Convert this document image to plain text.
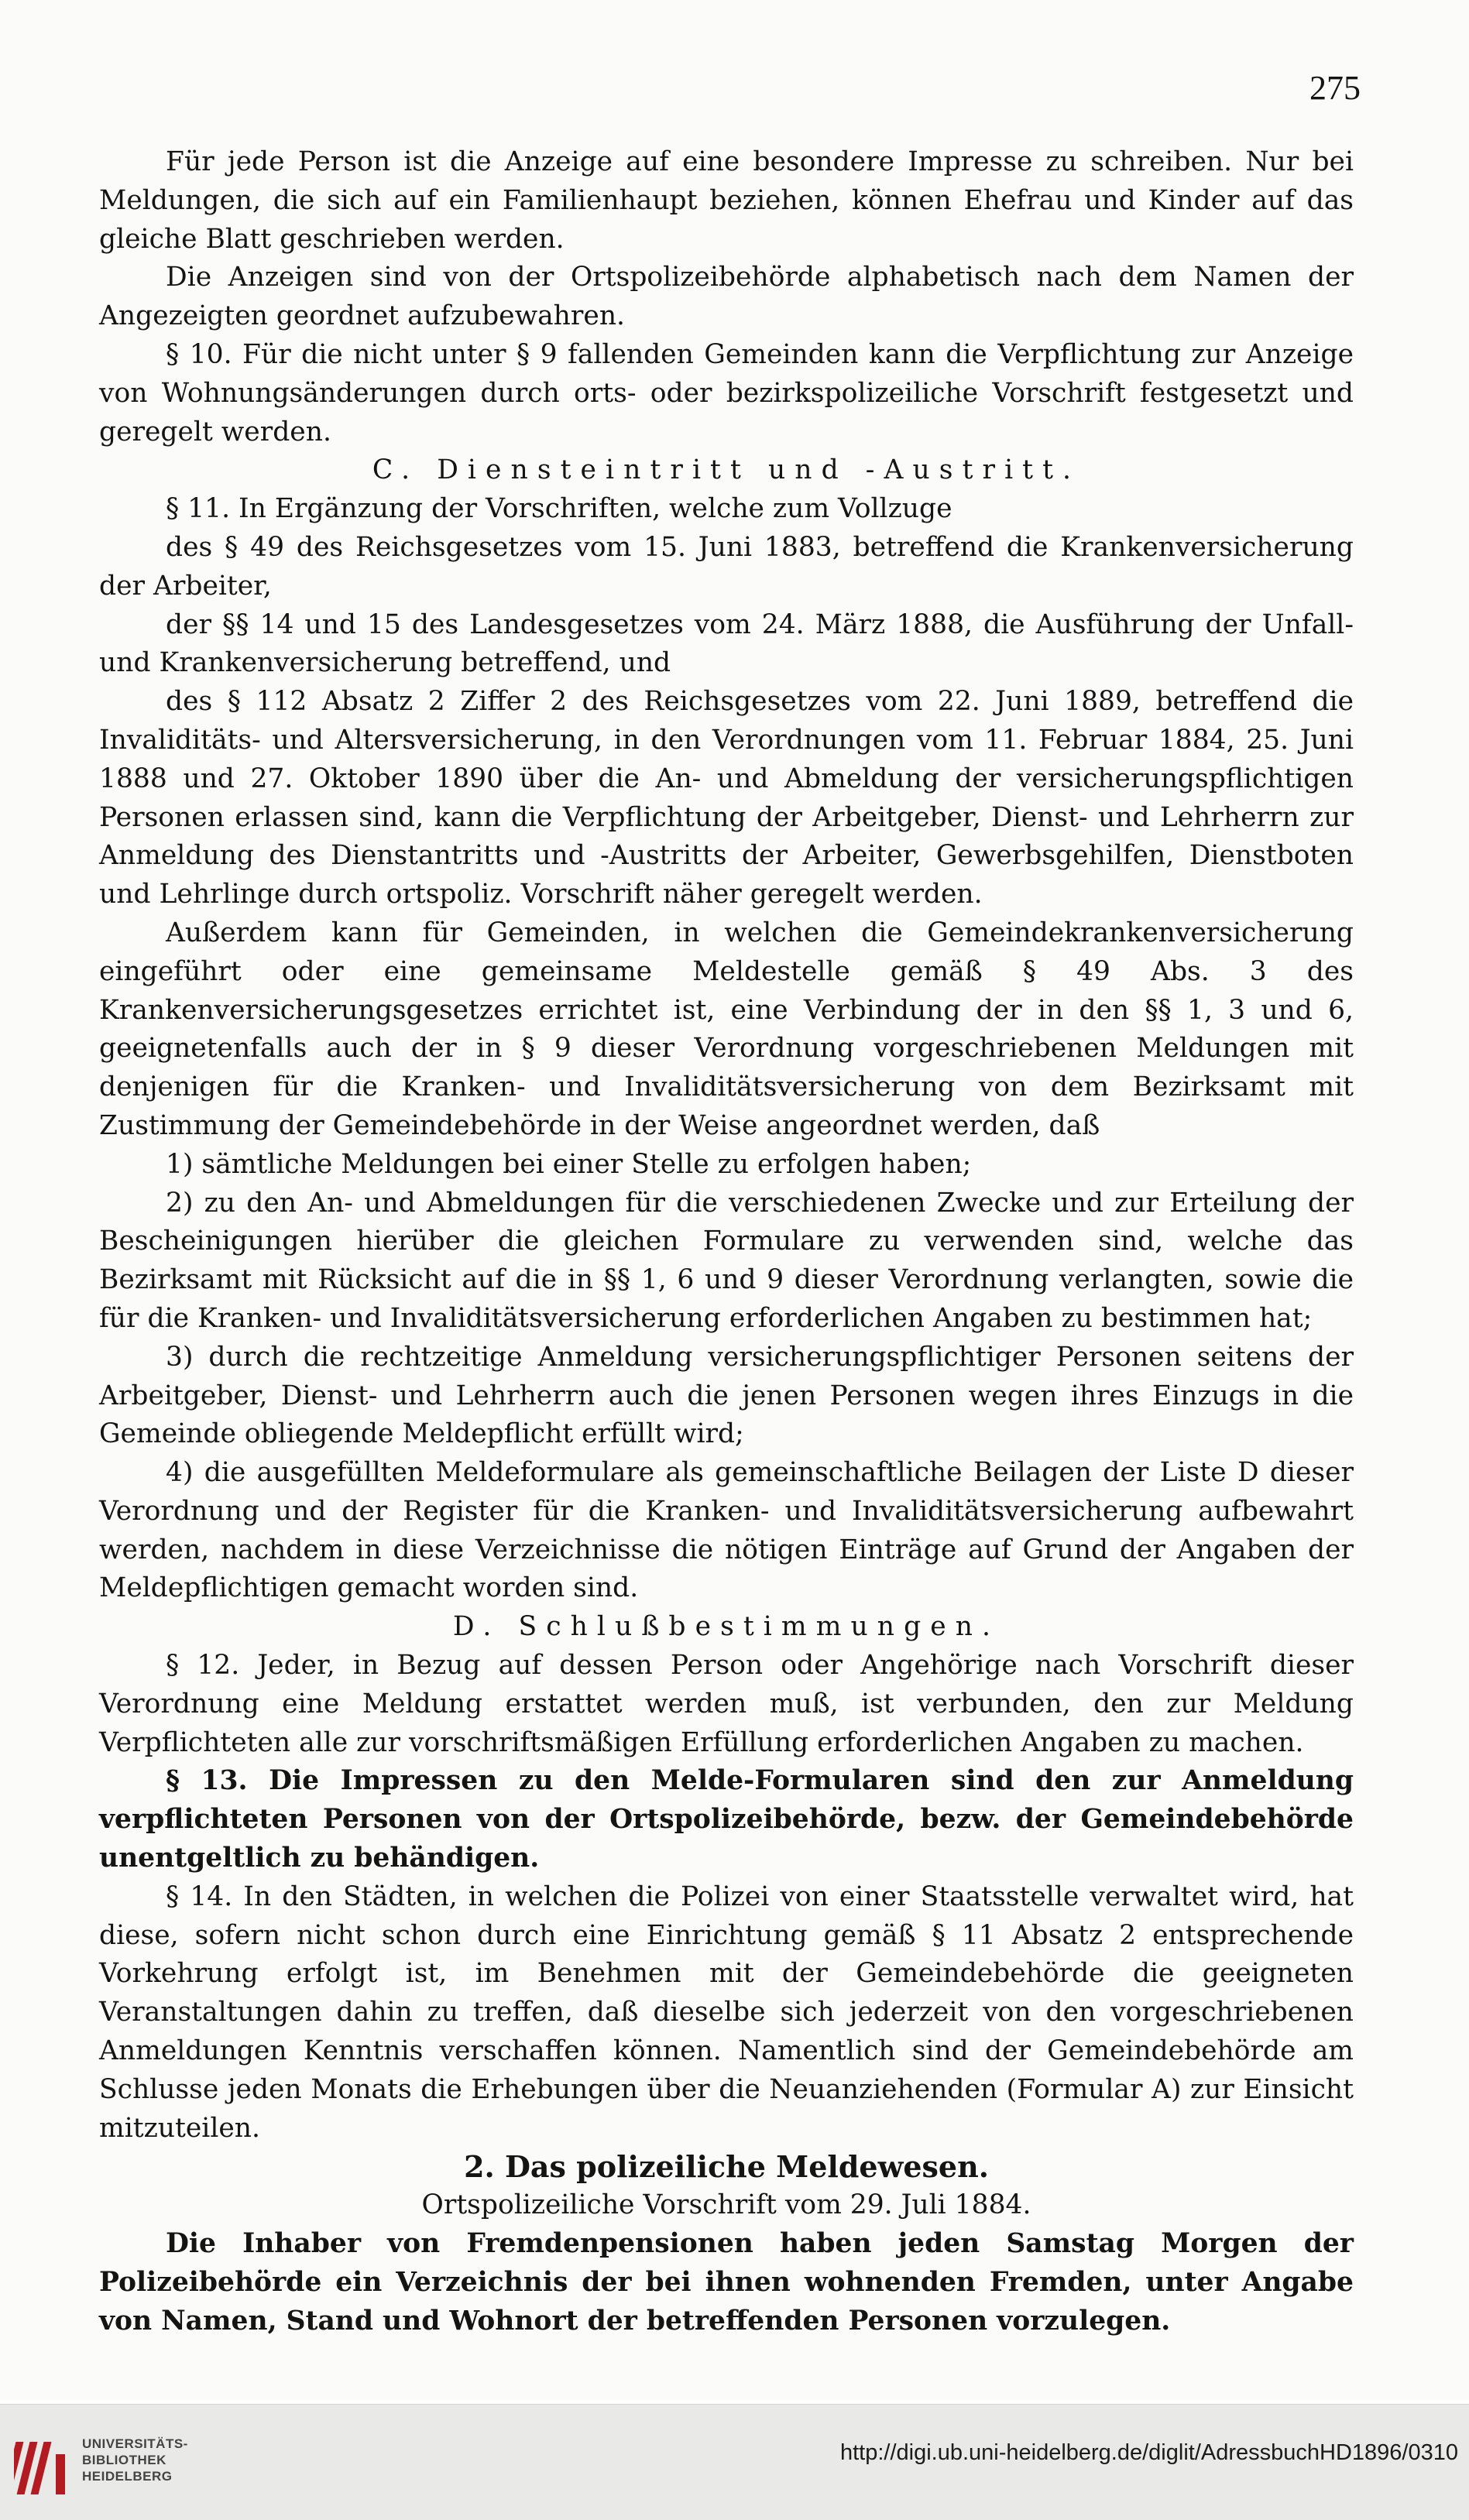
275

Für jede Person ist die Anzeige auf eine besondere Impresse zu schreiben. Nur bei Meldungen, die sich auf ein Familienhaupt beziehen, können Ehefrau und Kinder auf das gleiche Blatt geschrieben werden.

Die Anzeigen sind von der Ortspolizeibehörde alphabetisch nach dem Namen der Angezeigten geordnet aufzubewahren.

§ 10. Für die nicht unter § 9 fallenden Gemeinden kann die Verpflichtung zur Anzeige von Wohnungsänderungen durch orts- oder bezirkspolizeiliche Vorschrift festgesetzt und geregelt werden.

C. Diensteintritt und -Austritt.

§ 11. In Ergänzung der Vorschriften, welche zum Vollzuge

des § 49 des Reichsgesetzes vom 15. Juni 1883, betreffend die Krankenversicherung der Arbeiter,

der §§ 14 und 15 des Landesgesetzes vom 24. März 1888, die Ausführung der Unfall- und Krankenversicherung betreffend, und

des § 112 Absatz 2 Ziffer 2 des Reichsgesetzes vom 22. Juni 1889, betreffend die Invaliditäts- und Altersversicherung, in den Verordnungen vom 11. Februar 1884, 25. Juni 1888 und 27. Oktober 1890 über die An- und Abmeldung der versicherungspflichtigen Personen erlassen sind, kann die Verpflichtung der Arbeitgeber, Dienst- und Lehrherrn zur Anmeldung des Dienstantritts und -Austritts der Arbeiter, Gewerbsgehilfen, Dienstboten und Lehrlinge durch ortspoliz. Vorschrift näher geregelt werden.

Außerdem kann für Gemeinden, in welchen die Gemeindekrankenversicherung eingeführt oder eine gemeinsame Meldestelle gemäß § 49 Abs. 3 des Krankenversicherungsgesetzes errichtet ist, eine Verbindung der in den §§ 1, 3 und 6, geeignetenfalls auch der in § 9 dieser Verordnung vorgeschriebenen Meldungen mit denjenigen für die Kranken- und Invaliditätsversicherung von dem Bezirksamt mit Zustimmung der Gemeindebehörde in der Weise angeordnet werden, daß

1) sämtliche Meldungen bei einer Stelle zu erfolgen haben;

2) zu den An- und Abmeldungen für die verschiedenen Zwecke und zur Erteilung der Bescheinigungen hierüber die gleichen Formulare zu verwenden sind, welche das Bezirksamt mit Rücksicht auf die in §§ 1, 6 und 9 dieser Verordnung verlangten, sowie die für die Kranken- und Invaliditätsversicherung erforderlichen Angaben zu bestimmen hat;

3) durch die rechtzeitige Anmeldung versicherungspflichtiger Personen seitens der Arbeitgeber, Dienst- und Lehrherrn auch die jenen Personen wegen ihres Einzugs in die Gemeinde obliegende Meldepflicht erfüllt wird;

4) die ausgefüllten Meldeformulare als gemeinschaftliche Beilagen der Liste D dieser Verordnung und der Register für die Kranken- und Invaliditätsversicherung aufbewahrt werden, nachdem in diese Verzeichnisse die nötigen Einträge auf Grund der Angaben der Meldepflichtigen gemacht worden sind.

D. Schlußbestimmungen.

§ 12. Jeder, in Bezug auf dessen Person oder Angehörige nach Vorschrift dieser Verordnung eine Meldung erstattet werden muß, ist verbunden, den zur Meldung Verpflichteten alle zur vorschriftsmäßigen Erfüllung erforderlichen Angaben zu machen.

§ 13. Die Impressen zu den Melde-Formularen sind den zur Anmeldung verpflichteten Personen von der Ortspolizeibehörde, bezw. der Gemeindebehörde unentgeltlich zu behändigen.

§ 14. In den Städten, in welchen die Polizei von einer Staatsstelle verwaltet wird, hat diese, sofern nicht schon durch eine Einrichtung gemäß § 11 Absatz 2 entsprechende Vorkehrung erfolgt ist, im Benehmen mit der Gemeindebehörde die geeigneten Veranstaltungen dahin zu treffen, daß dieselbe sich jederzeit von den vorgeschriebenen Anmeldungen Kenntnis verschaffen können. Namentlich sind der Gemeindebehörde am Schlusse jeden Monats die Erhebungen über die Neuanziehenden (Formular A) zur Einsicht mitzuteilen.

2. Das polizeiliche Meldewesen.

Ortspolizeiliche Vorschrift vom 29. Juli 1884.

Die Inhaber von Fremdenpensionen haben jeden Samstag Morgen der Polizeibehörde ein Verzeichnis der bei ihnen wohnenden Fremden, unter Angabe von Namen, Stand und Wohnort der betreffenden Personen vorzulegen.

UNIVERSITÄTS-
BIBLIOTHEK
HEIDELBERG
http://digi.ub.uni-heidelberg.de/diglit/AdressbuchHD1896/0310
